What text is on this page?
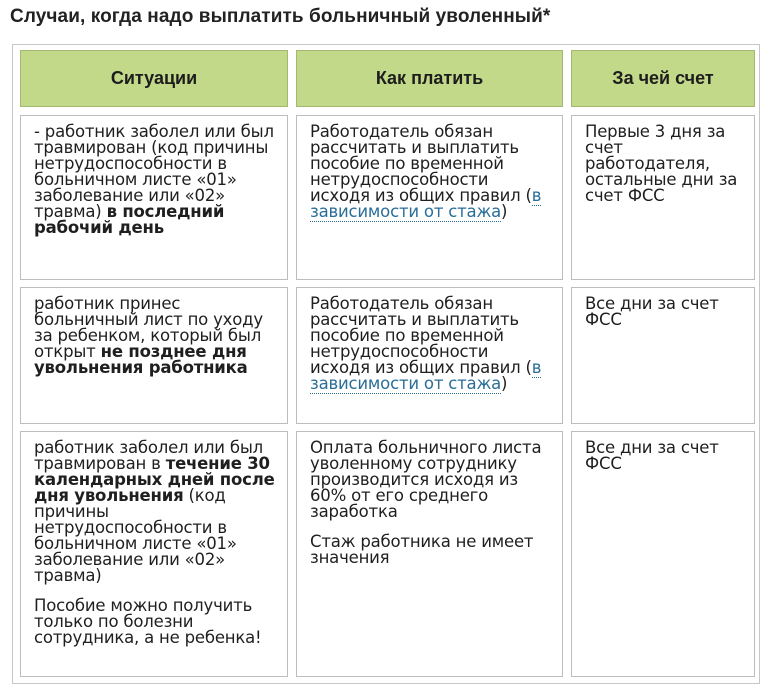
Случаи, когда надо выплатить больничный уволенный*
Ситуации	Как платить	За чей счет

- работник заболел или был травмирован (код причины нетрудоспособности в больничном листе «01» заболевание или «02» травма) в последний рабочий день

Работодатель обязан рассчитать и выплатить пособие по временной нетрудоспособности исходя из общих правил (в зависимости от стажа)

Первые 3 дня за счет работодателя, остальные дни за счет ФСС

работник принес больничный лист по уходу за ребенком, который был открыт не позднее дня увольнения работника

Работодатель обязан рассчитать и выплатить пособие по временной нетрудоспособности исходя из общих правил (в зависимости от стажа)

Все дни за счет ФСС

работник заболел или был травмирован в течение 30 календарных дней после дня увольнения (код причины нетрудоспособности в больничном листе «01» заболевание или «02» травма)

Пособие можно получить только по болезни сотрудника, а не ребенка!

Оплата больничного листа уволенному сотруднику производится исходя из 60% от его среднего заработка

Стаж работника не имеет значения

Все дни за счет ФСС
